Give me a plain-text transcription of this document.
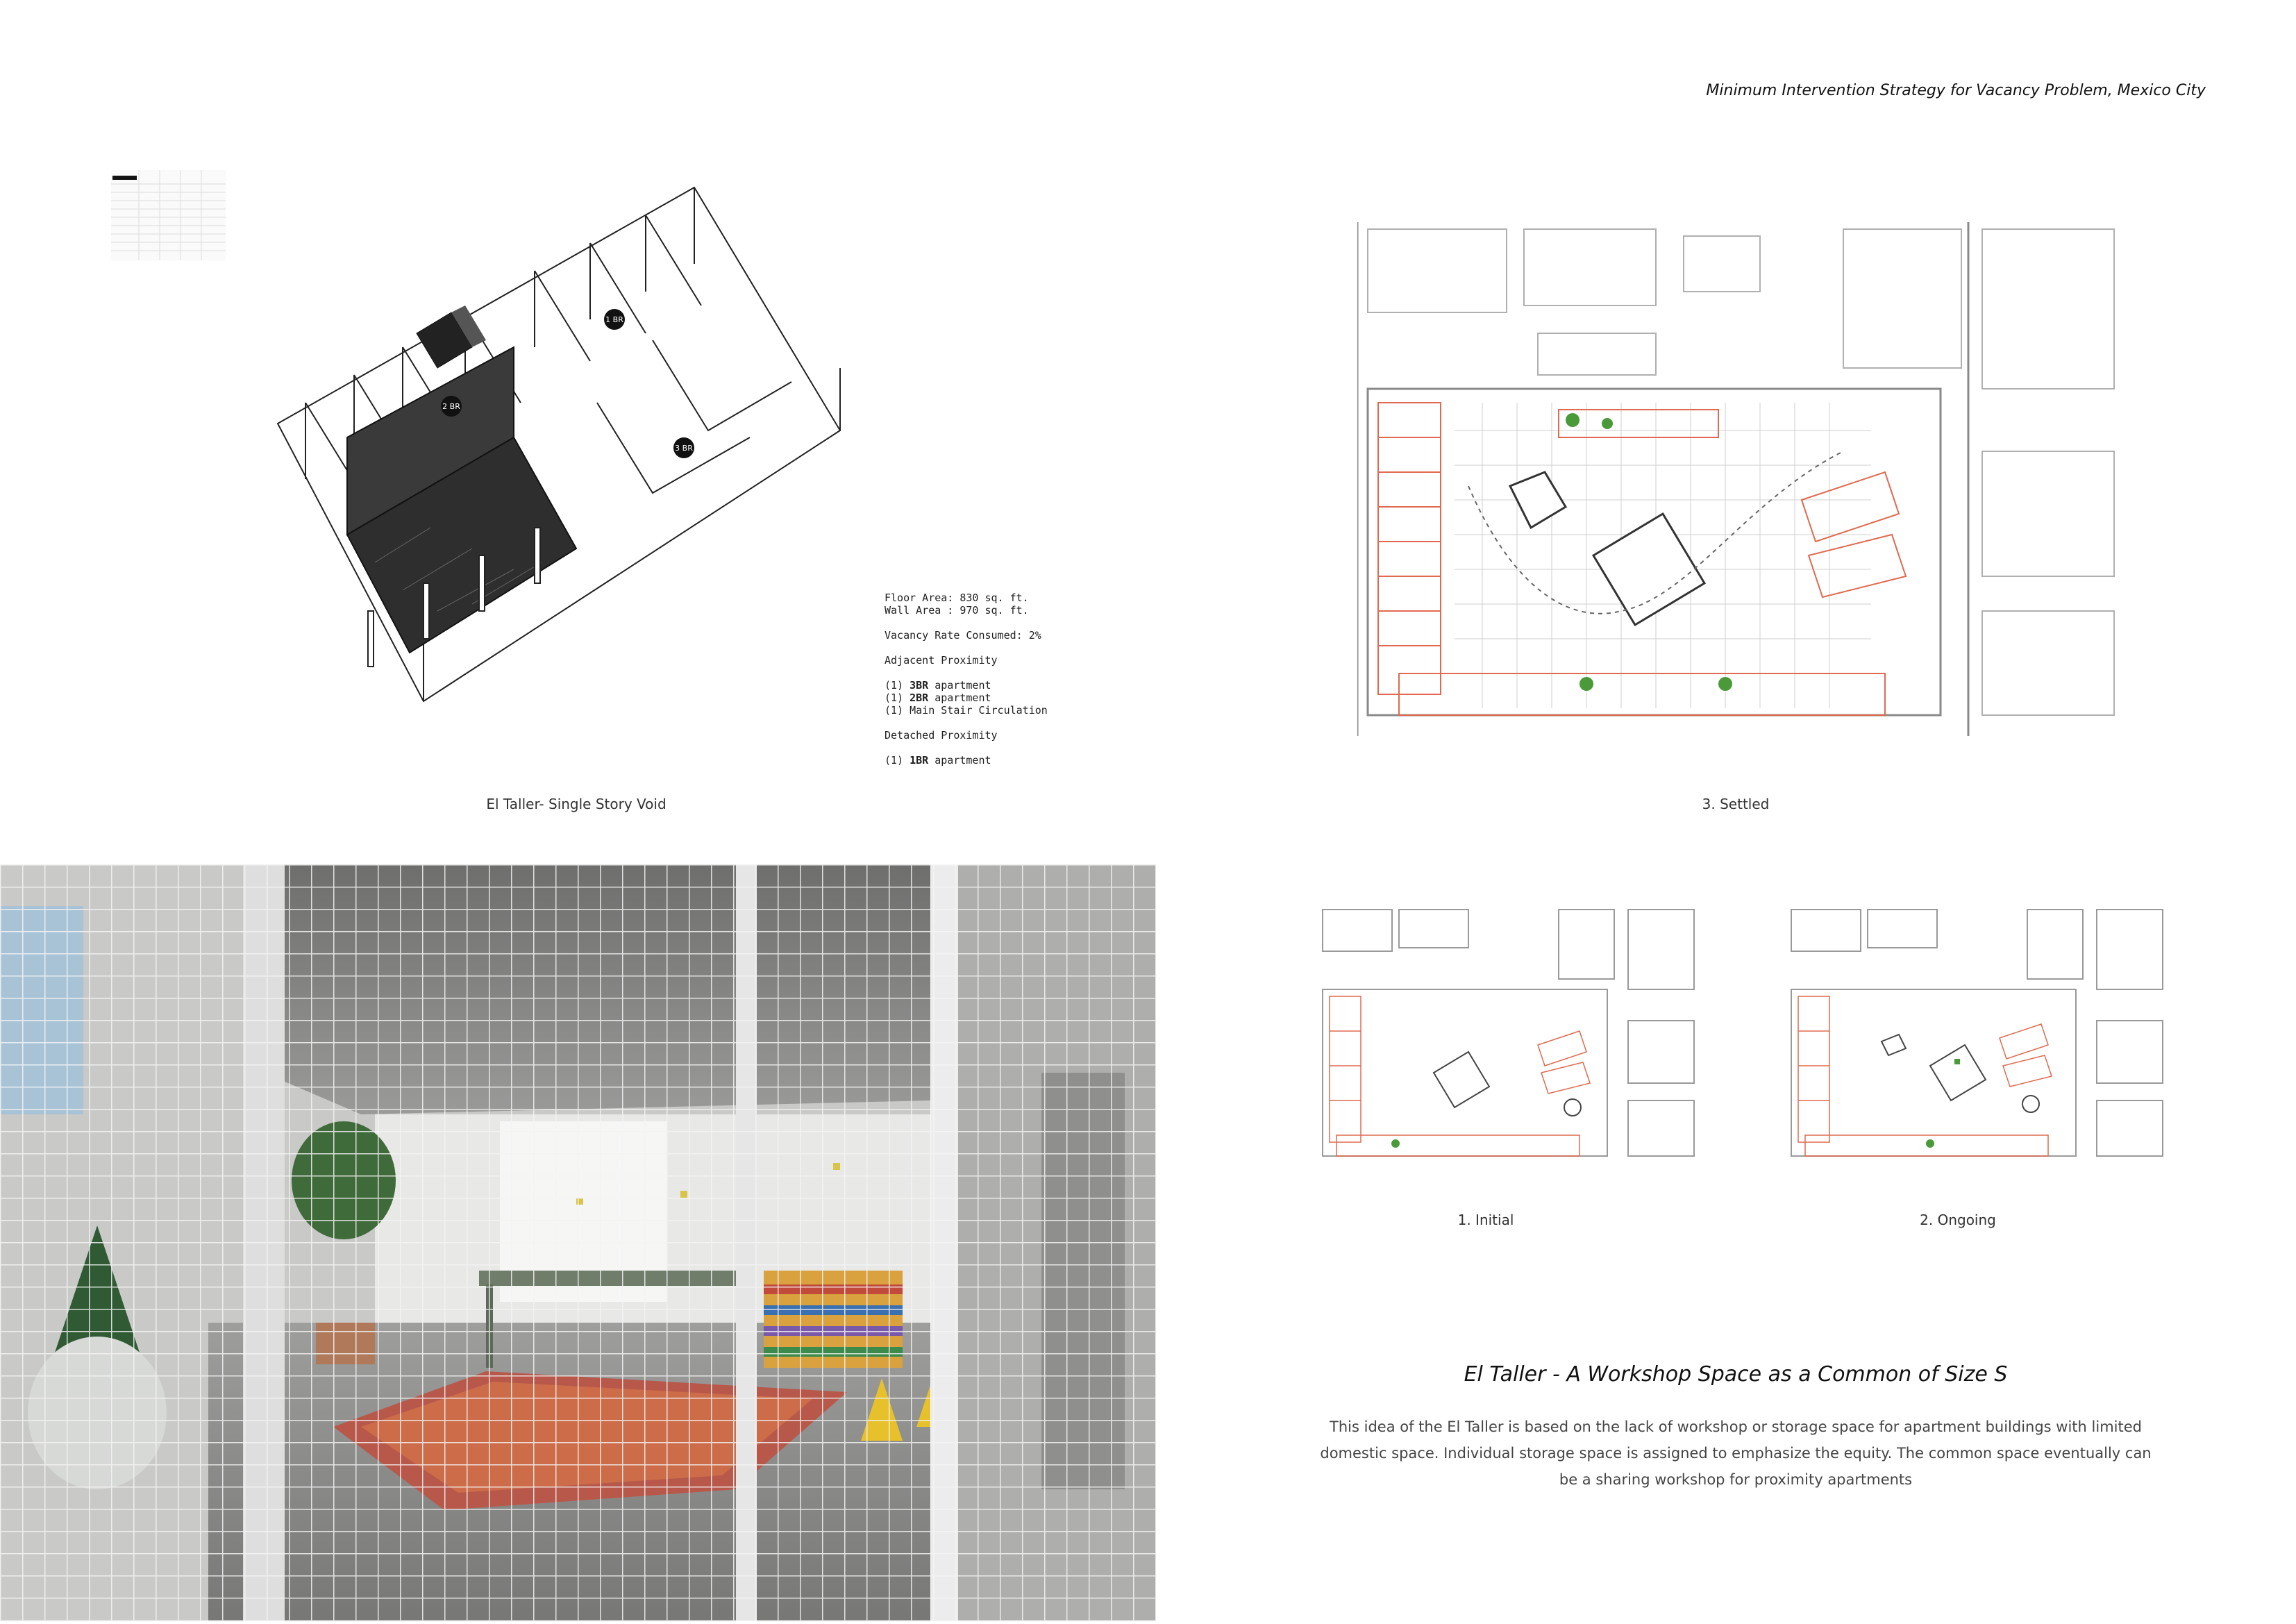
Minimum Intervention Strategy for Vacancy Problem, Mexico City
2 BR
1 BR
3 BR
Floor Area: 830 sq. ft.
Wall Area : 970 sq. ft.
Vacancy Rate Consumed: 2%
Adjacent Proximity
(1) 3BR apartment
(1) 2BR apartment
(1) Main Stair Circulation
Detached Proximity
(1) 1BR apartment
El Taller- Single Story Void	3. Settled
1. Initial	2. Ongoing
El Taller - A Workshop Space as a Common of Size S
This idea of the El Taller is based on the lack of workshop or storage space for apartment buildings with limited domestic space. Individual storage space is assigned to emphasize the equity. The common space eventually can be a sharing workshop for proximity apartments
